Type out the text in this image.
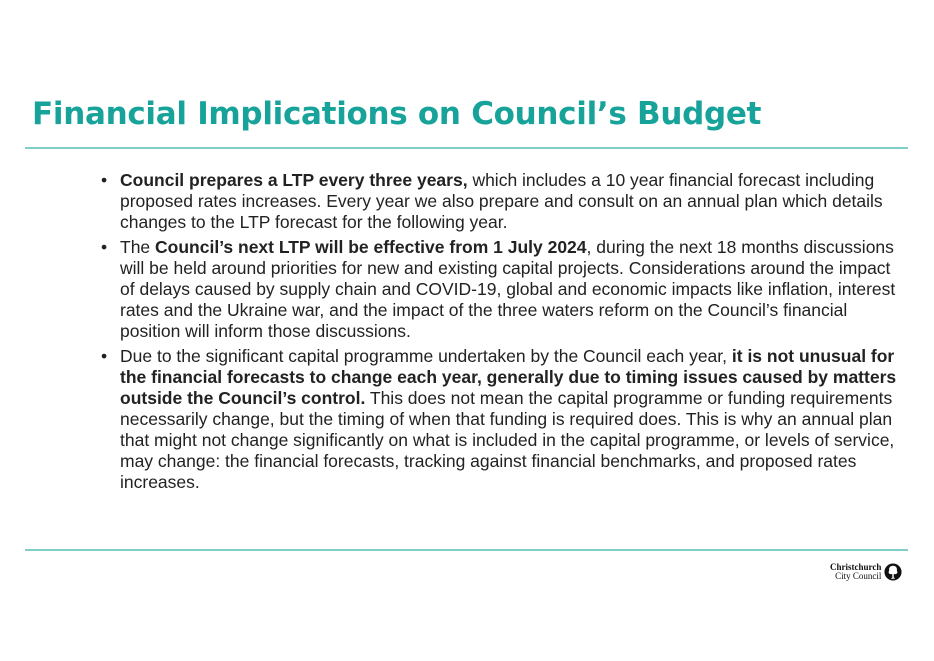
Financial Implications on Council’s Budget
• Council prepares a LTP every three years, which includes a 10 year financial forecast including proposed rates increases. Every year we also prepare and consult on an annual plan which details changes to the LTP forecast for the following year.
• The Council’s next LTP will be effective from 1 July 2024, during the next 18 months discussions will be held around priorities for new and existing capital projects. Considerations around the impact of delays caused by supply chain and COVID-19, global and economic impacts like inflation, interest rates and the Ukraine war, and the impact of the three waters reform on the Council’s financial position will inform those discussions.
• Due to the significant capital programme undertaken by the Council each year, it is not unusual for the financial forecasts to change each year, generally due to timing issues caused by matters outside the Council’s control. This does not mean the capital programme or funding requirements necessarily change, but the timing of when that funding is required does. This is why an annual plan that might not change significantly on what is included in the capital programme, or levels of service, may change: the financial forecasts, tracking against financial benchmarks, and proposed rates increases.
Christchurch
City Council
